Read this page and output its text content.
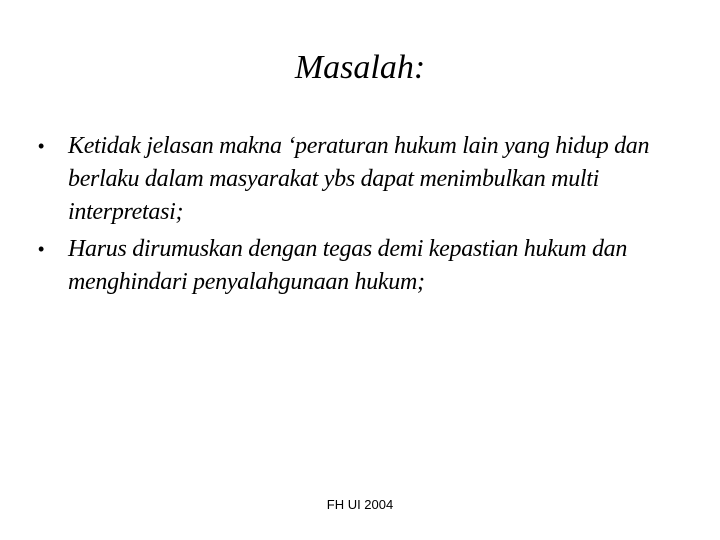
Masalah:
• Ketidak jelasan makna ‘peraturan hukum lain yang hidup dan berlaku dalam masyarakat ybs dapat menimbulkan multi interpretasi;
• Harus dirumuskan dengan tegas demi kepastian hukum dan menghindari penyalahgunaan hukum;
FH UI 2004
